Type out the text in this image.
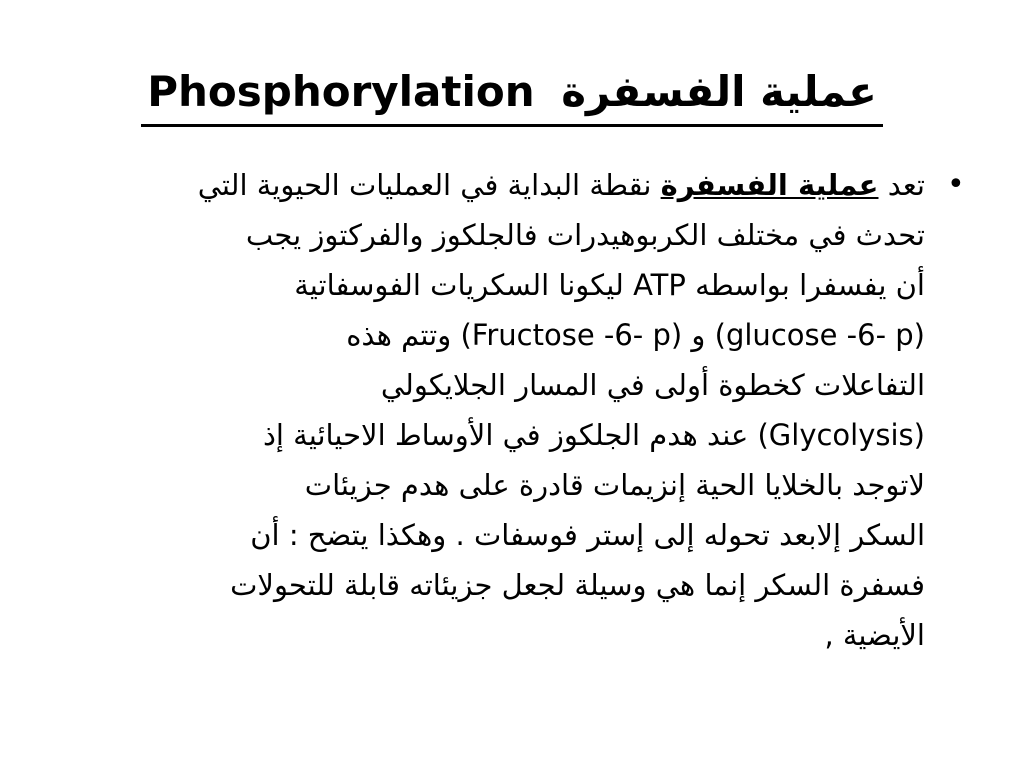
Phosphorylation عملية الفسفرة
•
تعد عملية الفسفرة نقطة البداية في العمليات الحيوية التي
تحدث في مختلف الكربوهيدرات فالجلكوز والفركتوز يجب
أن يفسفرا بواسطه ATP ليكونا السكريات الفوسفاتية
(glucose -6- p) و (Fructose -6- p) وتتم هذه
التفاعلات كخطوة أولى في المسار الجلايكولي
(Glycolysis) عند هدم الجلكوز في الأوساط الاحيائية إذ
لاتوجد بالخلايا الحية إنزيمات قادرة على هدم جزيئات
السكر إلابعد تحوله إلى إستر فوسفات . وهكذا يتضح : أن
فسفرة السكر إنما هي وسيلة لجعل جزيئاته قابلة للتحولات
الأيضية ,
